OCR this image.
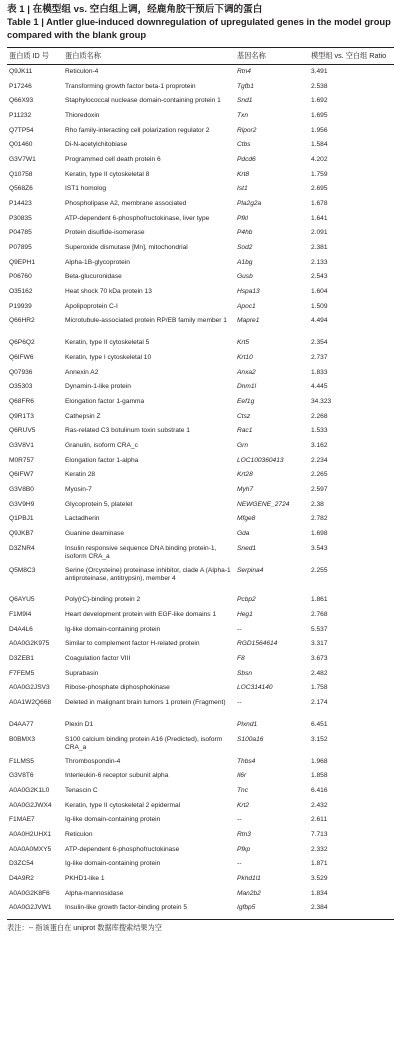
表 1 | 在模型组 vs. 空白组上调，经鹿角胶干预后下调的蛋白
Table 1 | Antler glue-induced downregulation of upregulated genes in the model group compared with the blank group
蛋白质 ID 号	蛋白质名称	基因名称	模型组 vs. 空白组 Ratio
Q9JK11	Reticulon-4	Rtn4	3.491
P17246	Transforming growth factor beta-1 proprotein	Tgfb1	2.538
Q66X93	Staphylococcal nuclease domain-containing protein 1	Snd1	1.692
P11232	Thioredoxin	Txn	1.695
Q7TP54	Rho family-interacting cell polarization regulator 2	Ripor2	1.956
Q01460	Di-N-acetylchitobiase	Ctbs	1.584
G3V7W1	Programmed cell death protein 6	Pdcd6	4.202
Q10758	Keratin, type II cytoskeletal 8	Krt8	1.759
Q568Z6	IST1 homolog	Ist1	2.695
P14423	Phospholipase A2, membrane associated	Pla2g2a	1.678
P30835	ATP-dependent 6-phosphofructokinase, liver type	Pfkl	1.641
P04785	Protein disulfide-isomerase	P4hb	2.091
P07895	Superoxide dismutase [Mn], mitochondrial	Sod2	2.381
Q9EPH1	Alpha-1B-glycoprotein	A1bg	2.133
P06760	Beta-glucuronidase	Gusb	2.543
O35162	Heat shock 70 kDa protein 13	Hspa13	1.604
P19939	Apolipoprotein C-I	Apoc1	1.509
Q66HR2	Microtubule-associated protein RP/EB family member 1	Mapre1	4.494
Q6P6Q2	Keratin, type II cytoskeletal 5	Krt5	2.354
Q6IFW6	Keratin, type I cytoskeletal 10	Krt10	2.737
Q07936	Annexin A2	Anxa2	1.833
O35303	Dynamin-1-like protein	Dnm1l	4.445
Q68FR6	Elongation factor 1-gamma	Eef1g	34.323
Q9R1T3	Cathepsin Z	Ctsz	2.268
Q6RUV5	Ras-related C3 botulinum toxin substrate 1	Rac1	1.533
G3V8V1	Granulin, isoform CRA_c	Grn	3.162
M0R757	Elongation factor 1-alpha	LOC100360413	2.234
Q6IFW7	Keratin 28	Krt28	2.265
G3V8B0	Myosin-7	Myh7	2.597
G3V9H9	Glycoprotein 5, platelet	NEWGENE_2724	2.38
Q1PBJ1	Lactadherin	Mfge8	2.782
Q9JKB7	Guanine deaminase	Gda	1.698
D3ZNR4	Insulin responsive sequence DNA binding protein-1, isoform CRA_a	Sned1	3.543
Q5M8C3	Serine (Orcysteine) proteinase inhibitor, clade A (Alpha-1 antiproteinase, antitrypsin), member 4	Serpina4	2.255
Q6AYU5	Poly(rC)-binding protein 2	Pcbp2	1.861
F1M9I4	Heart development protein with EGF-like domains 1	Heg1	2.768
D4A4L6	Ig-like domain-containing protein	--	5.537
A0A0G2K975	Similar to complement factor H-related protein	RGD1564614	3.317
D3ZEB1	Coagulation factor VIII	F8	3.673
F7FEM5	Suprabasin	Sbsn	2.482
A0A0G2JSV3	Ribose-phosphate diphosphokinase	LOC314140	1.758
A0A1W2Q668	Deleted in malignant brain tumors 1 protein (Fragment)	--	2.174
D4AA77	Plexin D1	Plxnd1	6.451
B0BMX3	S100 calcium binding protein A16 (Predicted), isoform CRA_a	S100a16	3.152
F1LMS5	Thrombospondin-4	Thbs4	1.968
G3V8T6	Interleukin-6 receptor subunit alpha	Il6r	1.858
A0A0G2K1L0	Tenascin C	Tnc	6.416
A0A0G2JWX4	Keratin, type II cytoskeletal 2 epidermal	Krt2	2.432
F1MAE7	Ig-like domain-containing protein	--	2.611
A0A0H2UHX1	Reticulon	Rtn3	7.713
A0A0A0MXY5	ATP-dependent 6-phosphofructokinase	Pfkp	2.332
D3ZC54	Ig-like domain-containing protein	--	1.871
D4A9R2	PKHD1-like 1	Pkhd1l1	3.529
A0A0G2K8F6	Alpha-mannosidase	Man2b2	1.834
A0A0G2JVW1	Insulin-like growth factor-binding protein 5	Igfbp5	2.384
表注：-- 指该蛋白在 uniprot 数据库搜索结果为空
